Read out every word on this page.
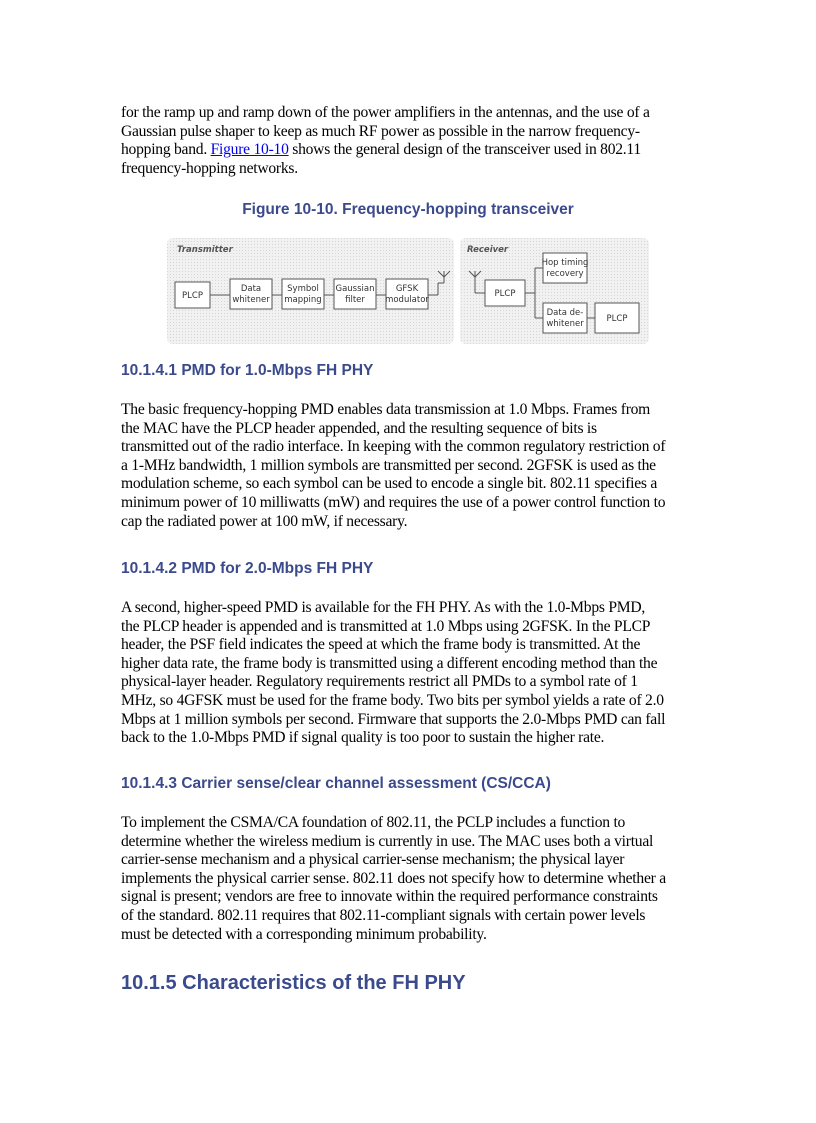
for the ramp up and ramp down of the power amplifiers in the antennas, and the use of a Gaussian pulse shaper to keep as much RF power as possible in the narrow frequency-hopping band. Figure 10-10 shows the general design of the transceiver used in 802.11 frequency-hopping networks.

Figure 10-10. Frequency-hopping transceiver
Transmitter	Receiver
PLCP
Data
whitener
Symbol
mapping
Gaussian
filter
GFSK
modulator
PLCP
Hop timing
recovery
Data de-
whitener	PLCP
10.1.4.1 PMD for 1.0-Mbps FH PHY

The basic frequency-hopping PMD enables data transmission at 1.0 Mbps. Frames from the MAC have the PLCP header appended, and the resulting sequence of bits is transmitted out of the radio interface. In keeping with the common regulatory restriction of a 1-MHz bandwidth, 1 million symbols are transmitted per second. 2GFSK is used as the modulation scheme, so each symbol can be used to encode a single bit. 802.11 specifies a minimum power of 10 milliwatts (mW) and requires the use of a power control function to cap the radiated power at 100 mW, if necessary.

10.1.4.2 PMD for 2.0-Mbps FH PHY

A second, higher-speed PMD is available for the FH PHY. As with the 1.0-Mbps PMD, the PLCP header is appended and is transmitted at 1.0 Mbps using 2GFSK. In the PLCP header, the PSF field indicates the speed at which the frame body is transmitted. At the higher data rate, the frame body is transmitted using a different encoding method than the physical-layer header. Regulatory requirements restrict all PMDs to a symbol rate of 1 MHz, so 4GFSK must be used for the frame body. Two bits per symbol yields a rate of 2.0 Mbps at 1 million symbols per second. Firmware that supports the 2.0-Mbps PMD can fall back to the 1.0-Mbps PMD if signal quality is too poor to sustain the higher rate.

10.1.4.3 Carrier sense/clear channel assessment (CS/CCA)

To implement the CSMA/CA foundation of 802.11, the PCLP includes a function to determine whether the wireless medium is currently in use. The MAC uses both a virtual carrier-sense mechanism and a physical carrier-sense mechanism; the physical layer implements the physical carrier sense. 802.11 does not specify how to determine whether a signal is present; vendors are free to innovate within the required performance constraints of the standard. 802.11 requires that 802.11-compliant signals with certain power levels must be detected with a corresponding minimum probability.

10.1.5 Characteristics of the FH PHY
